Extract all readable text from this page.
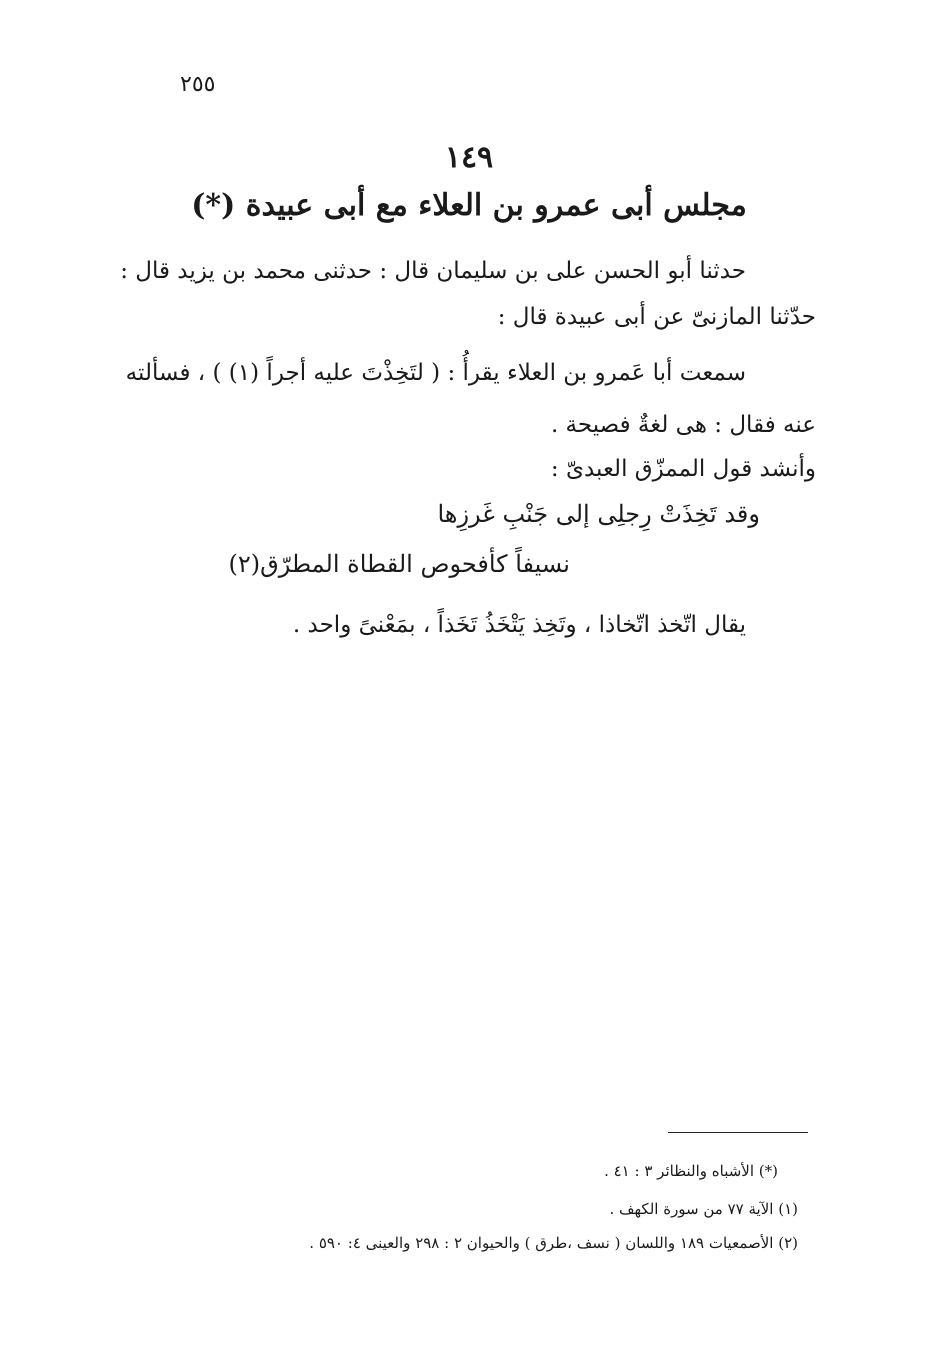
٢٥٥
١٤٩
مجلس أبى عمرو بن العلاء مع أبى عبيدة (*)
حدثنا أبو الحسن على بن سليمان قال : حدثنى محمد بن يزيد قال :
حدّثنا المازنىّ عن أبى عبيدة قال :
سمعت أبا عَمرو بن العلاء يقرأُ : ( لتَخِذْتَ عليه أجراً (١) ) ، فسألته
عنه فقال : هى لغةٌ فصيحة .
وأنشد قول الممزّق العبدىّ :
وقد تَخِذَتْ رِجلِى إلى جَنْبِ غَرزِها
نسيفاً كأفحوص القطاة المطرّق(٢)
يقال اتّخذ اتّخاذا ، وتَخِذ يَتْخَذُ تَخَذاً ، بمَعْنىً واحد .
(*) الأشباه والنظائر ٣ : ٤١ .
(١) الآية ٧٧ من سورة الكهف .
(٢) الأصمعيات ١٨٩ واللسان ( نسف ،طرق ) والحيوان ٢ : ٢٩٨ والعينى ٤: ٥٩٠ .
